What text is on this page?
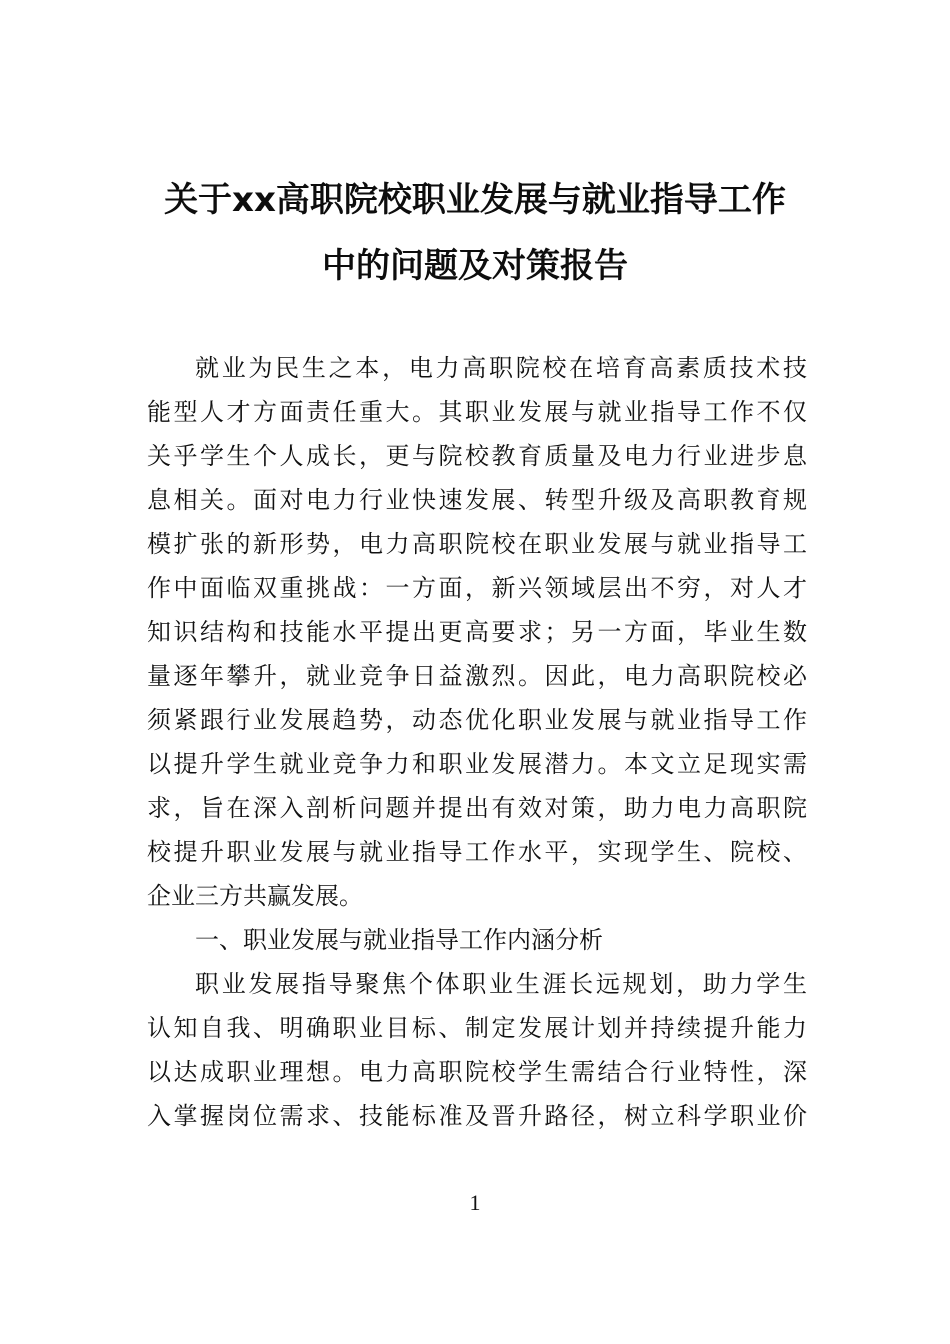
关于xx高职院校职业发展与就业指导工作
中的问题及对策报告
就业为民生之本，电力高职院校在培育高素质技术技
能型人才方面责任重大。其职业发展与就业指导工作不仅
关乎学生个人成长，更与院校教育质量及电力行业进步息
息相关。面对电力行业快速发展、转型升级及高职教育规
模扩张的新形势，电力高职院校在职业发展与就业指导工
作中面临双重挑战：一方面，新兴领域层出不穷，对人才
知识结构和技能水平提出更高要求；另一方面，毕业生数
量逐年攀升，就业竞争日益激烈。因此，电力高职院校必
须紧跟行业发展趋势，动态优化职业发展与就业指导工作
以提升学生就业竞争力和职业发展潜力。本文立足现实需
求，旨在深入剖析问题并提出有效对策，助力电力高职院
校提升职业发展与就业指导工作水平，实现学生、院校、
企业三方共赢发展。
一、职业发展与就业指导工作内涵分析
职业发展指导聚焦个体职业生涯长远规划，助力学生
认知自我、明确职业目标、制定发展计划并持续提升能力
以达成职业理想。电力高职院校学生需结合行业特性，深
入掌握岗位需求、技能标准及晋升路径，树立科学职业价
1
